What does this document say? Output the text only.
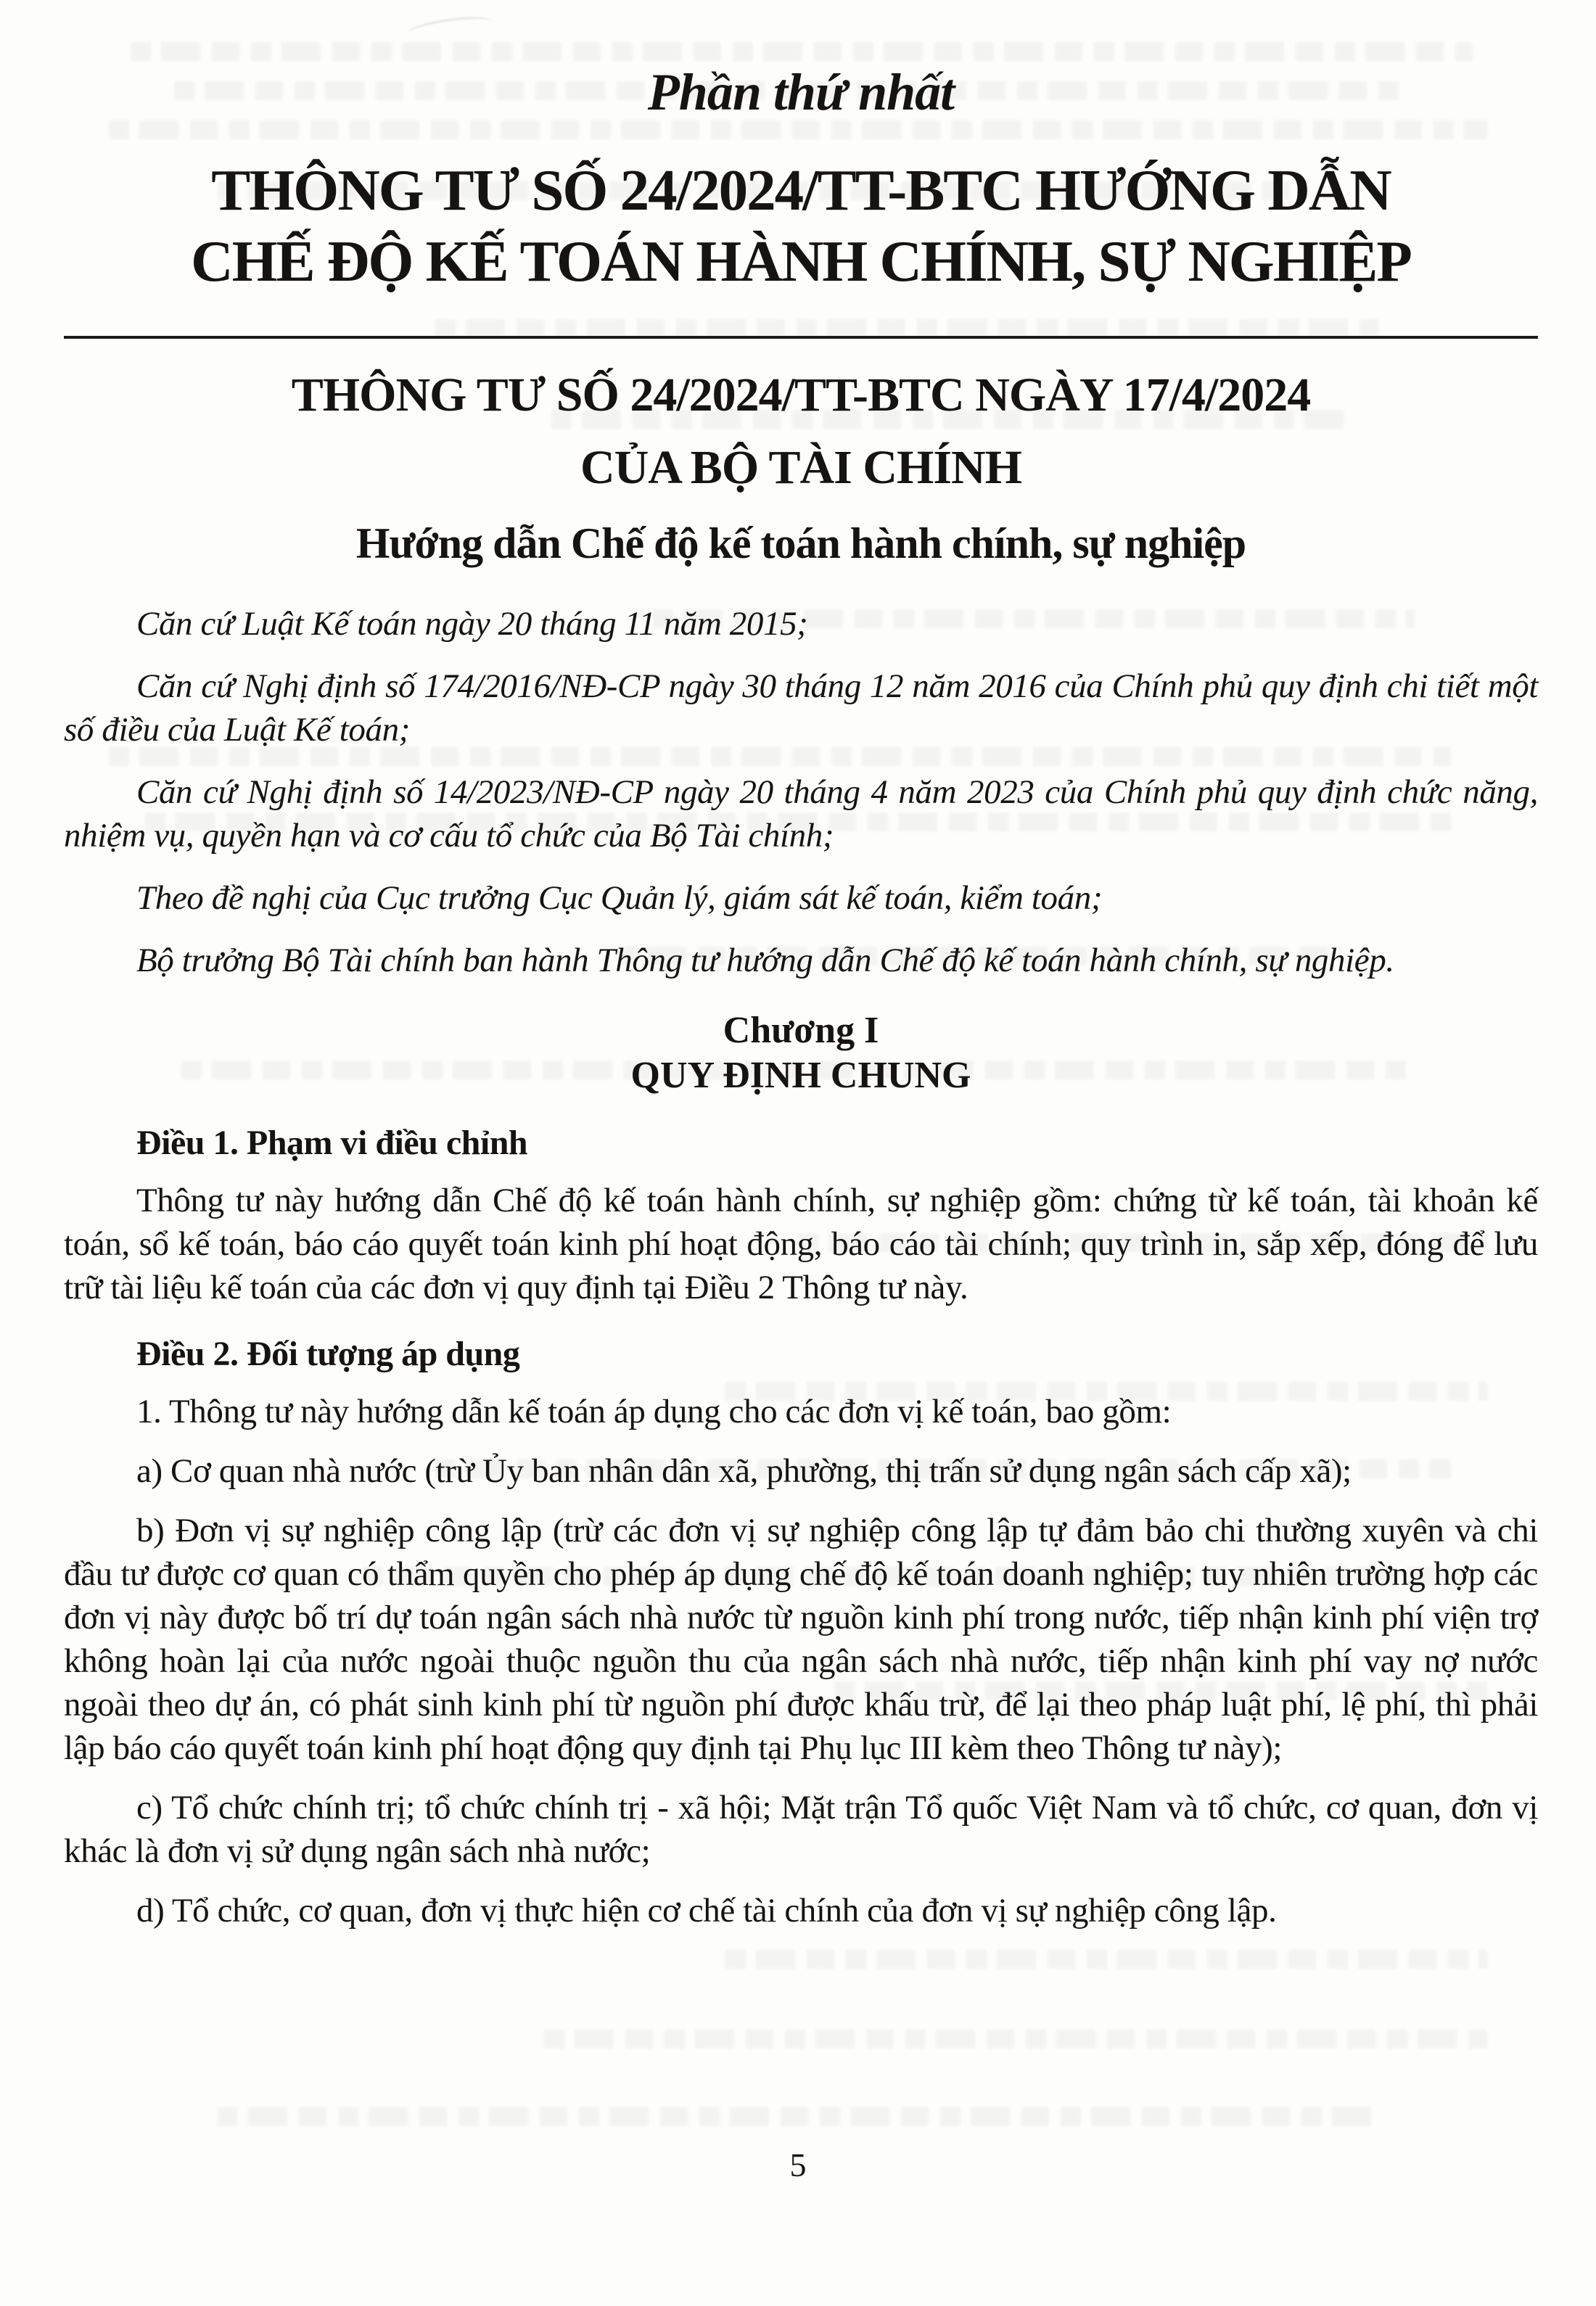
Phần thứ nhất
THÔNG TƯ SỐ 24/2024/TT-BTC HƯỚNG DẪN
CHẾ ĐỘ KẾ TOÁN HÀNH CHÍNH, SỰ NGHIỆP
THÔNG TƯ SỐ 24/2024/TT-BTC NGÀY 17/4/2024
CỦA BỘ TÀI CHÍNH
Hướng dẫn Chế độ kế toán hành chính, sự nghiệp

Căn cứ Luật Kế toán ngày 20 tháng 11 năm 2015;

Căn cứ Nghị định số 174/2016/NĐ-CP ngày 30 tháng 12 năm 2016 của Chính phủ quy định chi tiết một số điều của Luật Kế toán;

Căn cứ Nghị định số 14/2023/NĐ-CP ngày 20 tháng 4 năm 2023 của Chính phủ quy định chức năng, nhiệm vụ, quyền hạn và cơ cấu tổ chức của Bộ Tài chính;

Theo đề nghị của Cục trưởng Cục Quản lý, giám sát kế toán, kiểm toán;

Bộ trưởng Bộ Tài chính ban hành Thông tư hướng dẫn Chế độ kế toán hành chính, sự nghiệp.

Chương I
QUY ĐỊNH CHUNG
Điều 1. Phạm vi điều chỉnh

Thông tư này hướng dẫn Chế độ kế toán hành chính, sự nghiệp gồm: chứng từ kế toán, tài khoản kế toán, sổ kế toán, báo cáo quyết toán kinh phí hoạt động, báo cáo tài chính; quy trình in, sắp xếp, đóng để lưu trữ tài liệu kế toán của các đơn vị quy định tại Điều 2 Thông tư này.

Điều 2. Đối tượng áp dụng

1. Thông tư này hướng dẫn kế toán áp dụng cho các đơn vị kế toán, bao gồm:

a) Cơ quan nhà nước (trừ Ủy ban nhân dân xã, phường, thị trấn sử dụng ngân sách cấp xã);

b) Đơn vị sự nghiệp công lập (trừ các đơn vị sự nghiệp công lập tự đảm bảo chi thường xuyên và chi đầu tư được cơ quan có thẩm quyền cho phép áp dụng chế độ kế toán doanh nghiệp; tuy nhiên trường hợp các đơn vị này được bố trí dự toán ngân sách nhà nước từ nguồn kinh phí trong nước, tiếp nhận kinh phí viện trợ không hoàn lại của nước ngoài thuộc nguồn thu của ngân sách nhà nước, tiếp nhận kinh phí vay nợ nước ngoài theo dự án, có phát sinh kinh phí từ nguồn phí được khấu trừ, để lại theo pháp luật phí, lệ phí, thì phải lập báo cáo quyết toán kinh phí hoạt động quy định tại Phụ lục III kèm theo Thông tư này);

c) Tổ chức chính trị; tổ chức chính trị - xã hội; Mặt trận Tổ quốc Việt Nam và tổ chức, cơ quan, đơn vị khác là đơn vị sử dụng ngân sách nhà nước;

d) Tổ chức, cơ quan, đơn vị thực hiện cơ chế tài chính của đơn vị sự nghiệp công lập.

5
